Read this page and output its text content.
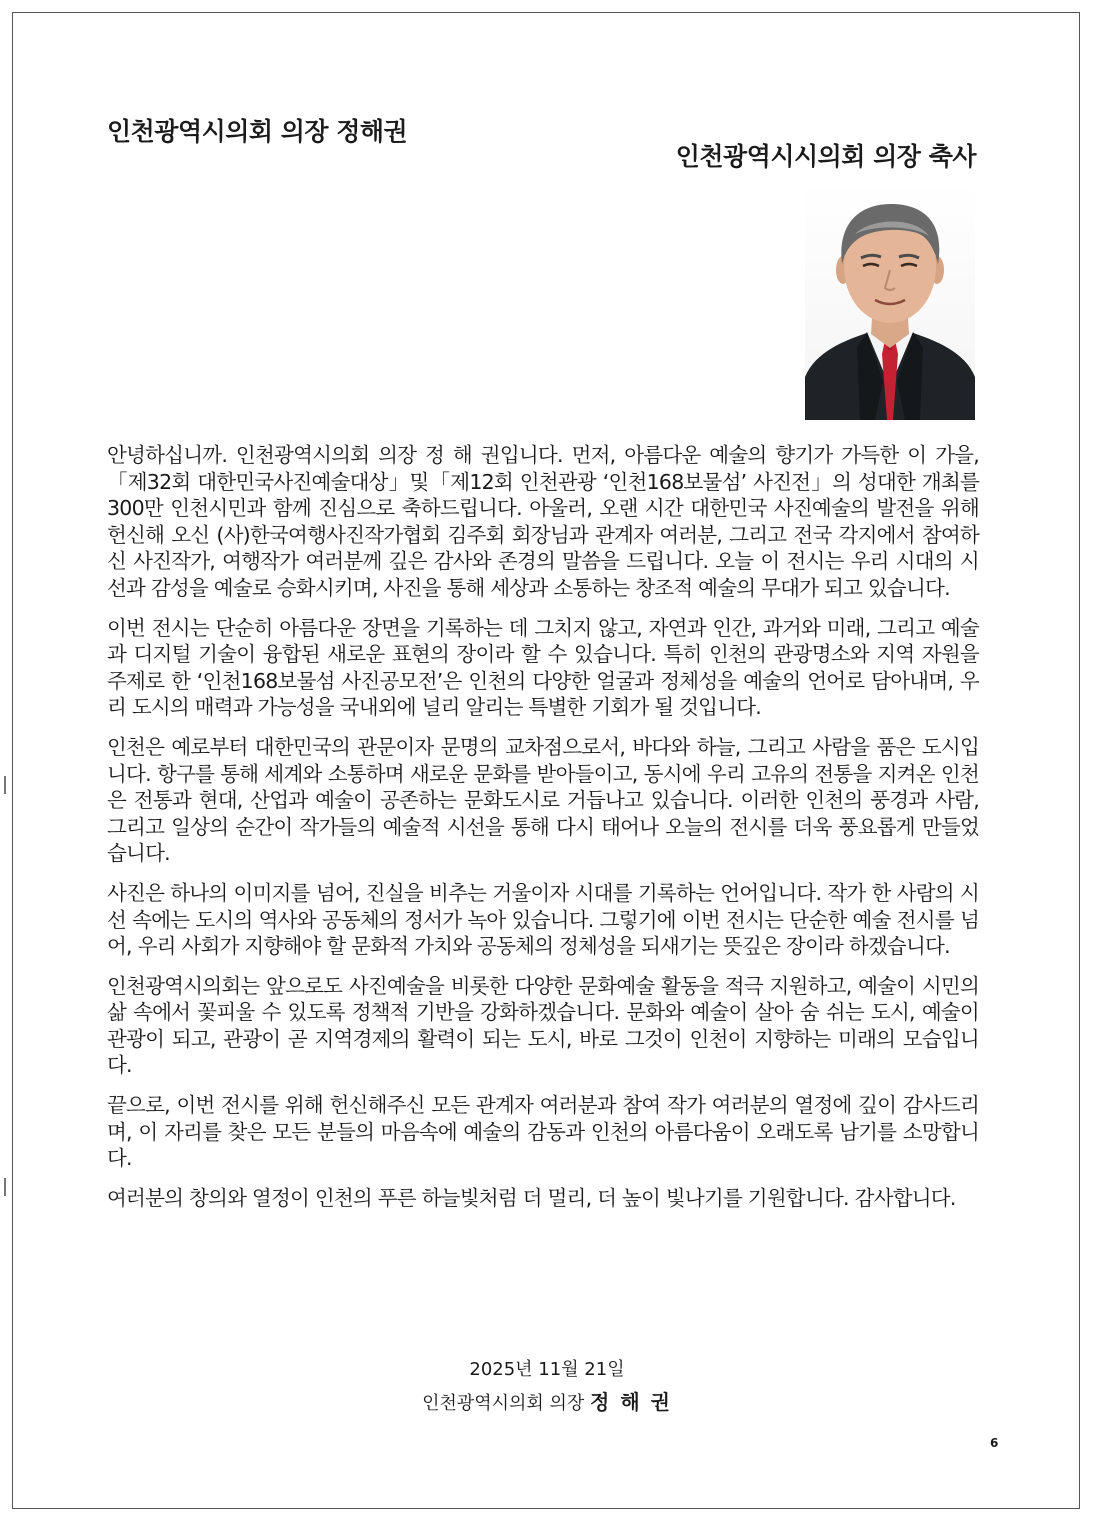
인천광역시의회 의장 정해권
인천광역시시의회 의장 축사

안녕하십니까. 인천광역시의회 의장 정 해 권입니다. 먼저, 아름다운 예술의 향기가 가득한 이 가을, 「제32회 대한민국사진예술대상」및「제12회 인천관광 ‘인천168보물섬’ 사진전」의 성대한 개최를 300만 인천시민과 함께 진심으로 축하드립니다. 아울러, 오랜 시간 대한민국 사진예술의 발전을 위해 헌신해 오신 (사)한국여행사진작가협회 김주회 회장님과 관계자 여러분, 그리고 전국 각지에서 참여하신 사진작가, 여행작가 여러분께 깊은 감사와 존경의 말씀을 드립니다. 오늘 이 전시는 우리 시대의 시선과 감성을 예술로 승화시키며, 사진을 통해 세상과 소통하는 창조적 예술의 무대가 되고 있습니다.

이번 전시는 단순히 아름다운 장면을 기록하는 데 그치지 않고, 자연과 인간, 과거와 미래, 그리고 예술과 디지털 기술이 융합된 새로운 표현의 장이라 할 수 있습니다. 특히 인천의 관광명소와 지역 자원을 주제로 한 ‘인천168보물섬 사진공모전’은 인천의 다양한 얼굴과 정체성을 예술의 언어로 담아내며, 우리 도시의 매력과 가능성을 국내외에 널리 알리는 특별한 기회가 될 것입니다.

인천은 예로부터 대한민국의 관문이자 문명의 교차점으로서, 바다와 하늘, 그리고 사람을 품은 도시입니다. 항구를 통해 세계와 소통하며 새로운 문화를 받아들이고, 동시에 우리 고유의 전통을 지켜온 인천은 전통과 현대, 산업과 예술이 공존하는 문화도시로 거듭나고 있습니다. 이러한 인천의 풍경과 사람, 그리고 일상의 순간이 작가들의 예술적 시선을 통해 다시 태어나 오늘의 전시를 더욱 풍요롭게 만들었습니다.

사진은 하나의 이미지를 넘어, 진실을 비추는 거울이자 시대를 기록하는 언어입니다. 작가 한 사람의 시선 속에는 도시의 역사와 공동체의 정서가 녹아 있습니다. 그렇기에 이번 전시는 단순한 예술 전시를 넘어, 우리 사회가 지향해야 할 문화적 가치와 공동체의 정체성을 되새기는 뜻깊은 장이라 하겠습니다.

인천광역시의회는 앞으로도 사진예술을 비롯한 다양한 문화예술 활동을 적극 지원하고, 예술이 시민의 삶 속에서 꽃피울 수 있도록 정책적 기반을 강화하겠습니다. 문화와 예술이 살아 숨 쉬는 도시, 예술이 관광이 되고, 관광이 곧 지역경제의 활력이 되는 도시, 바로 그것이 인천이 지향하는 미래의 모습입니다.

끝으로, 이번 전시를 위해 헌신해주신 모든 관계자 여러분과 참여 작가 여러분의 열정에 깊이 감사드리며, 이 자리를 찾은 모든 분들의 마음속에 예술의 감동과 인천의 아름다움이 오래도록 남기를 소망합니다.

여러분의 창의와 열정이 인천의 푸른 하늘빛처럼 더 멀리, 더 높이 빛나기를 기원합니다. 감사합니다.

2025년 11월 21일
인천광역시의회 의장 정 해 권
6
